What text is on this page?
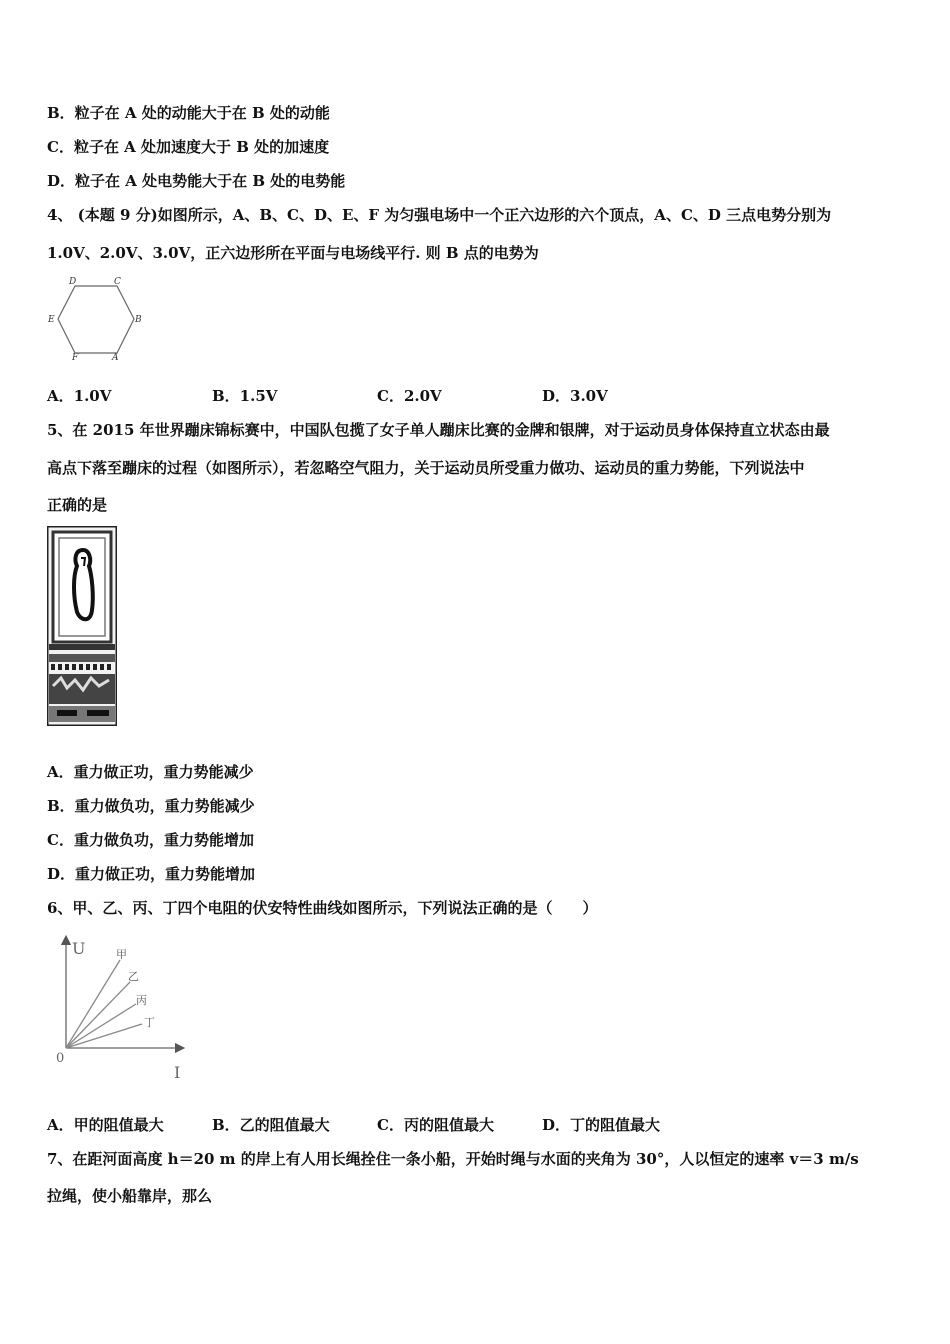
B．粒子在 A 处的动能大于在 B 处的动能
C．粒子在 A 处加速度大于 B 处的加速度
D．粒子在 A 处电势能大于在 B 处的电势能
4、 (本题 9 分)如图所示，A、B、C、D、E、F 为匀强电场中一个正六边形的六个顶点，A、C、D 三点电势分别为
1.0V、2.0V、3.0V，正六边形所在平面与电场线平行. 则 B 点的电势为
D	C
E	B
F	A
A．1.0V	B．1.5V	C．2.0V	D．3.0V
5、在 2015 年世界蹦床锦标赛中，中国队包揽了女子单人蹦床比赛的金牌和银牌，对于运动员身体保持直立状态由最
高点下落至蹦床的过程（如图所示），若忽略空气阻力，关于运动员所受重力做功、运动员的重力势能，下列说法中
正确的是
A．重力做正功，重力势能减少
B．重力做负功，重力势能减少
C．重力做负功，重力势能增加
D．重力做正功，重力势能增加
6、甲、乙、丙、丁四个电阻的伏安特性曲线如图所示，下列说法正确的是（　　）
U
I
0
甲
乙
丙
丁
A．甲的阻值最大	B．乙的阻值最大	C．丙的阻值最大	D．丁的阻值最大
7、在距河面高度 h＝20 m 的岸上有人用长绳拴住一条小船，开始时绳与水面的夹角为 30°，人以恒定的速率 v＝3 m/s
拉绳，使小船靠岸，那么
